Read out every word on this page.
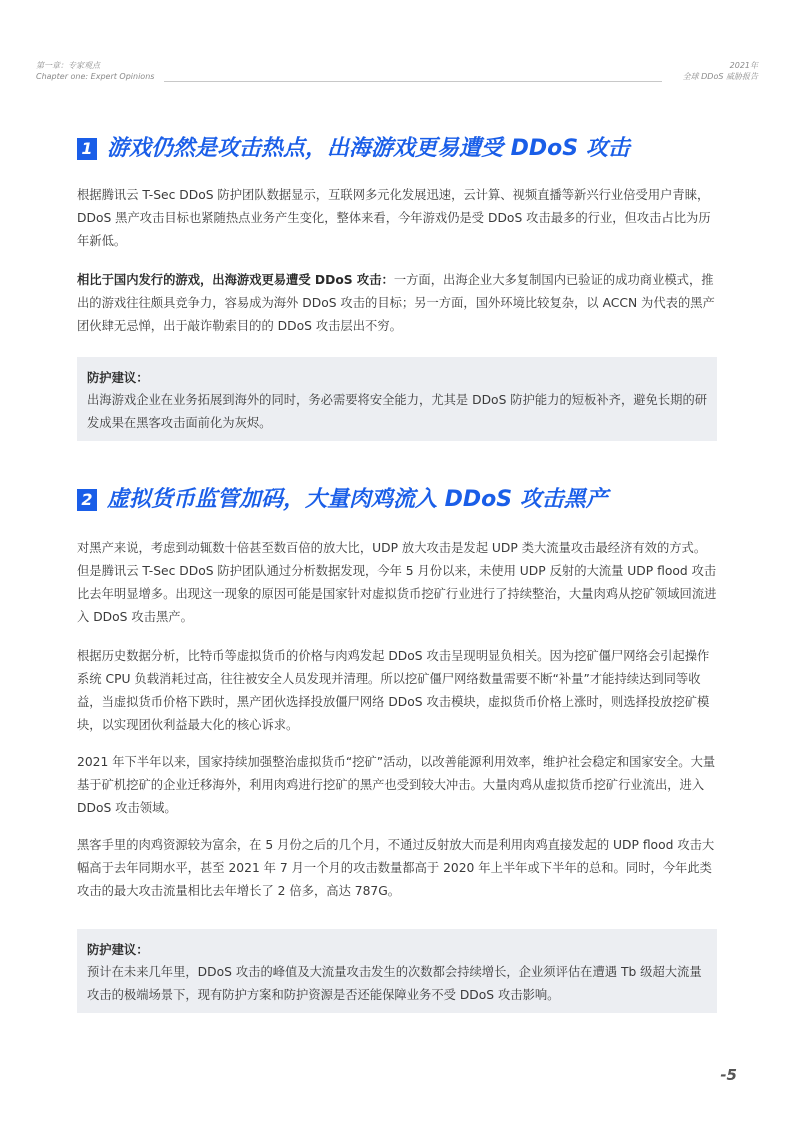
第一章：专家观点
Chapter one: Expert Opinions
2021年
全球 DDoS 威胁报告
1 游戏仍然是攻击热点，出海游戏更易遭受 DDoS 攻击

根据腾讯云 T-Sec DDoS 防护团队数据显示，互联网多元化发展迅速，云计算、视频直播等新兴行业倍受用户青睐，DDoS 黑产攻击目标也紧随热点业务产生变化，整体来看，今年游戏仍是受 DDoS 攻击最多的行业，但攻击占比为历年新低。

相比于国内发行的游戏，出海游戏更易遭受 DDoS 攻击：一方面，出海企业大多复制国内已验证的成功商业模式，推出的游戏往往颇具竞争力，容易成为海外 DDoS 攻击的目标；另一方面，国外环境比较复杂，以 ACCN 为代表的黑产团伙肆无忌惮，出于敲诈勒索目的的 DDoS 攻击层出不穷。

防护建议：
出海游戏企业在业务拓展到海外的同时，务必需要将安全能力，尤其是 DDoS 防护能力的短板补齐，避免长期的研发成果在黑客攻击面前化为灰烬。
2 虚拟货币监管加码，大量肉鸡流入 DDoS 攻击黑产

对黑产来说，考虑到动辄数十倍甚至数百倍的放大比，UDP 放大攻击是发起 UDP 类大流量攻击最经济有效的方式。但是腾讯云 T-Sec DDoS 防护团队通过分析数据发现，今年 5 月份以来，未使用 UDP 反射的大流量 UDP flood 攻击比去年明显增多。出现这一现象的原因可能是国家针对虚拟货币挖矿行业进行了持续整治，大量肉鸡从挖矿领域回流进入 DDoS 攻击黑产。

根据历史数据分析，比特币等虚拟货币的价格与肉鸡发起 DDoS 攻击呈现明显负相关。因为挖矿僵尸网络会引起操作系统 CPU 负载消耗过高，往往被安全人员发现并清理。所以挖矿僵尸网络数量需要不断“补量”才能持续达到同等收益，当虚拟货币价格下跌时，黑产团伙选择投放僵尸网络 DDoS 攻击模块，虚拟货币价格上涨时，则选择投放挖矿模块，以实现团伙利益最大化的核心诉求。

2021 年下半年以来，国家持续加强整治虚拟货币“挖矿”活动，以改善能源利用效率，维护社会稳定和国家安全。大量基于矿机挖矿的企业迁移海外，利用肉鸡进行挖矿的黑产也受到较大冲击。大量肉鸡从虚拟货币挖矿行业流出，进入 DDoS 攻击领域。

黑客手里的肉鸡资源较为富余，在 5 月份之后的几个月，不通过反射放大而是利用肉鸡直接发起的 UDP flood 攻击大幅高于去年同期水平，甚至 2021 年 7 月一个月的攻击数量都高于 2020 年上半年或下半年的总和。同时，今年此类攻击的最大攻击流量相比去年增长了 2 倍多，高达 787G。

防护建议：
预计在未来几年里，DDoS 攻击的峰值及大流量攻击发生的次数都会持续增长，企业须评估在遭遇 Tb 级超大流量攻击的极端场景下，现有防护方案和防护资源是否还能保障业务不受 DDoS 攻击影响。
-5
